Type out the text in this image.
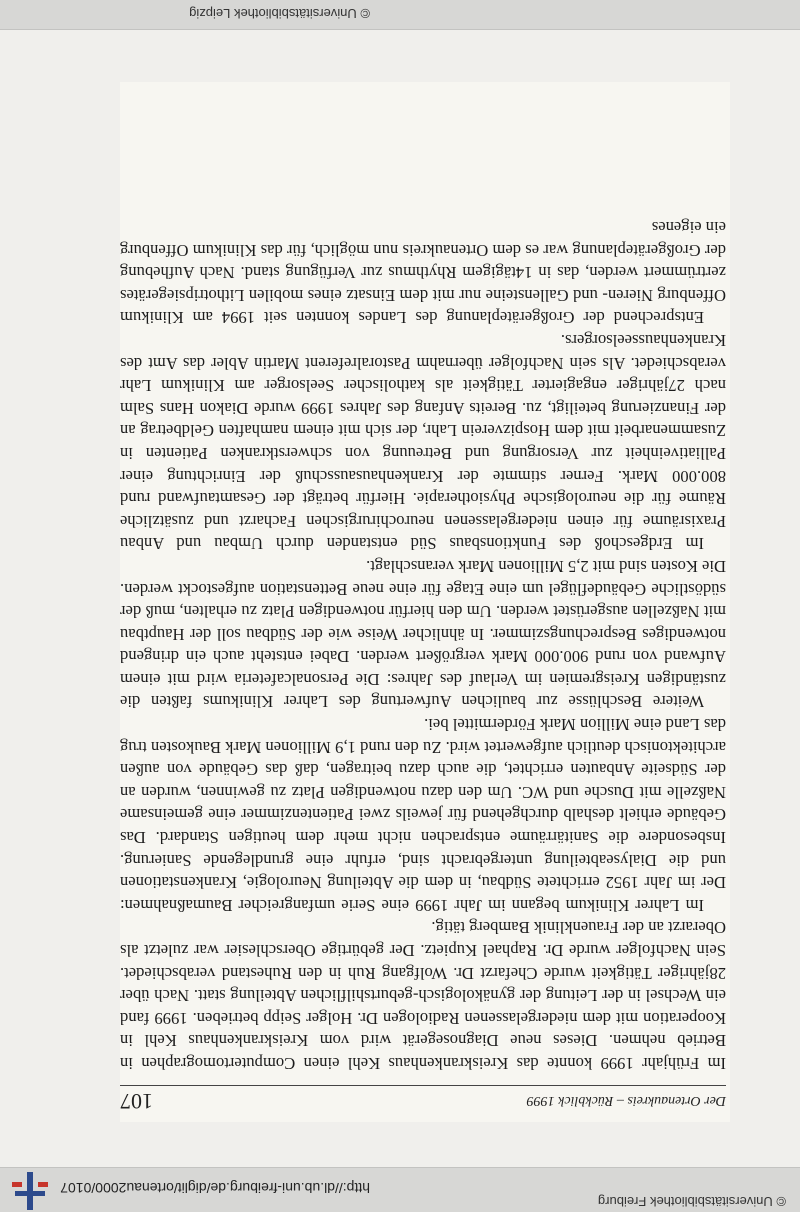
© Universitätsbibliothek Freiburg
http://dl.ub.uni-freiburg.de/diglit/ortenau2000/0107
Der Ortenaukreis – Rückblick 1999
107

Im Frühjahr 1999 konnte das Kreiskrankenhaus Kehl einen Computertomographen in Betrieb nehmen. Dieses neue Diagnosegerät wird vom Kreiskrankenhaus Kehl in Kooperation mit dem niedergelassenen Radiologen Dr. Holger Seipp betrieben. 1999 fand ein Wechsel in der Leitung der gynäkologisch-geburtshilflichen Abteilung statt. Nach über 28jähriger Tätigkeit wurde Chefarzt Dr. Wolfgang Ruh in den Ruhestand verabschiedet. Sein Nachfolger wurde Dr. Raphael Kupietz. Der gebürtige Oberschlesier war zuletzt als Oberarzt an der Frauenklinik Bamberg tätig.

Im Lahrer Klinikum begann im Jahr 1999 eine Serie umfangreicher Baumaßnahmen: Der im Jahr 1952 errichtete Südbau, in dem die Abteilung Neurologie, Krankenstationen und die Dialyseabteilung untergebracht sind, erfuhr eine grundlegende Sanierung. Insbesondere die Sanitärräume entsprachen nicht mehr dem heutigen Standard. Das Gebäude erhielt deshalb durchgehend für jeweils zwei Patientenzimmer eine gemeinsame Naßzelle mit Dusche und WC. Um den dazu notwendigen Platz zu gewinnen, wurden an der Südseite Anbauten errichtet, die auch dazu beitragen, daß das Gebäude von außen architektonisch deutlich aufgewertet wird. Zu den rund 1,9 Millionen Mark Baukosten trug das Land eine Million Mark Fördermittel bei.

Weitere Beschlüsse zur baulichen Aufwertung des Lahrer Klinikums faßten die zuständigen Kreisgremien im Verlauf des Jahres: Die Personalcafeteria wird mit einem Aufwand von rund 900.000 Mark vergrößert werden. Dabei entsteht auch ein dringend notwendiges Besprechungszimmer. In ähnlicher Weise wie der Südbau soll der Hauptbau mit Naßzellen ausgerüstet werden. Um den hierfür notwendigen Platz zu erhalten, muß der südöstliche Gebäudeflügel um eine Etage für eine neue Bettenstation aufgestockt werden. Die Kosten sind mit 2,5 Millionen Mark veranschlagt.

Im Erdgeschoß des Funktionsbaus Süd entstanden durch Umbau und Anbau Praxisräume für einen niedergelassenen neurochirurgischen Facharzt und zusätzliche Räume für die neurologische Physiotherapie. Hierfür beträgt der Gesamtaufwand rund 800.000 Mark. Ferner stimmte der Krankenhausausschuß der Einrichtung einer Palliativeinheit zur Versorgung und Betreuung von schwerstkranken Patienten in Zusammenarbeit mit dem Hospizverein Lahr, der sich mit einem namhaften Geldbetrag an der Finanzierung beteiligt, zu. Bereits Anfang des Jahres 1999 wurde Diakon Hans Salm nach 27jähriger engagierter Tätigkeit als katholischer Seelsorger am Klinikum Lahr verabschiedet. Als sein Nachfolger übernahm Pastoralreferent Martin Abler das Amt des Krankenhausseelsorgers.

Entsprechend der Großgeräteplanung des Landes konnten seit 1994 am Klinikum Offenburg Nieren- und Gallensteine nur mit dem Einsatz eines mobilen Lithotripsiegerätes zertrümmert werden, das in 14tägigem Rhythmus zur Verfügung stand. Nach Aufhebung der Großgeräteplanung war es dem Ortenaukreis nun möglich, für das Klinikum Offenburg ein eigenes

© Universitätsbibliothek Leipzig
